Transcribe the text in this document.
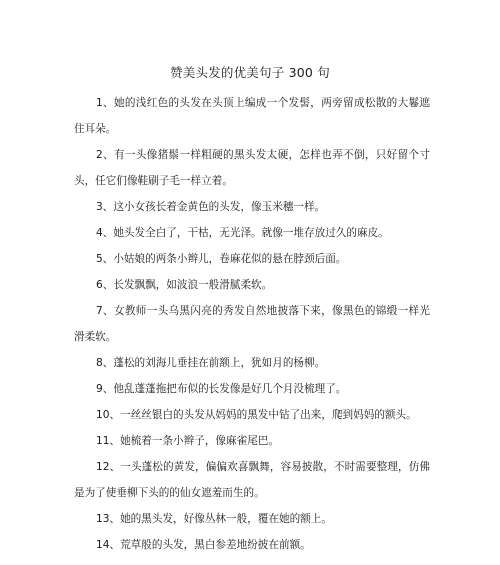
赞美头发的优美句子 300 句

1、她的浅红色的头发在头顶上编成一个发髻，两旁留成松散的大鬈遮住耳朵。

2、有一头像猪鬃一样粗硬的黑头发太硬，怎样也弄不倒，只好留个寸头，任它们像鞋刷子毛一样立着。

3、这小女孩长着金黄色的头发，像玉米穗一样。

4、她头发全白了，干枯，无光泽。就像一堆存放过久的麻皮。

5、小姑娘的两条小辫儿，卷麻花似的悬在脖颈后面。

6、长发飘飘，如波浪一般滑腻柔软。

7、女教师一头乌黑闪亮的秀发自然地披落下来，像黑色的锦缎一样光滑柔软。

8、蓬松的刘海儿垂挂在前额上，犹如月的杨柳。

9、他乱蓬蓬拖把布似的长发像是好几个月没梳理了。

10、一丝丝银白的头发从妈妈的黑发中钻了出来，爬到妈妈的额头。

11、她梳着一条小辫子，像麻雀尾巴。

12、一头蓬松的黄发，偏偏欢喜飘舞，容易披散，不时需要整理，仿佛是为了使垂柳下头的的仙女遮羞而生的。

13、她的黑头发，好像丛林一般，覆在她的额上。

14、荒草般的头发，黑白参差地纷披在前额。
